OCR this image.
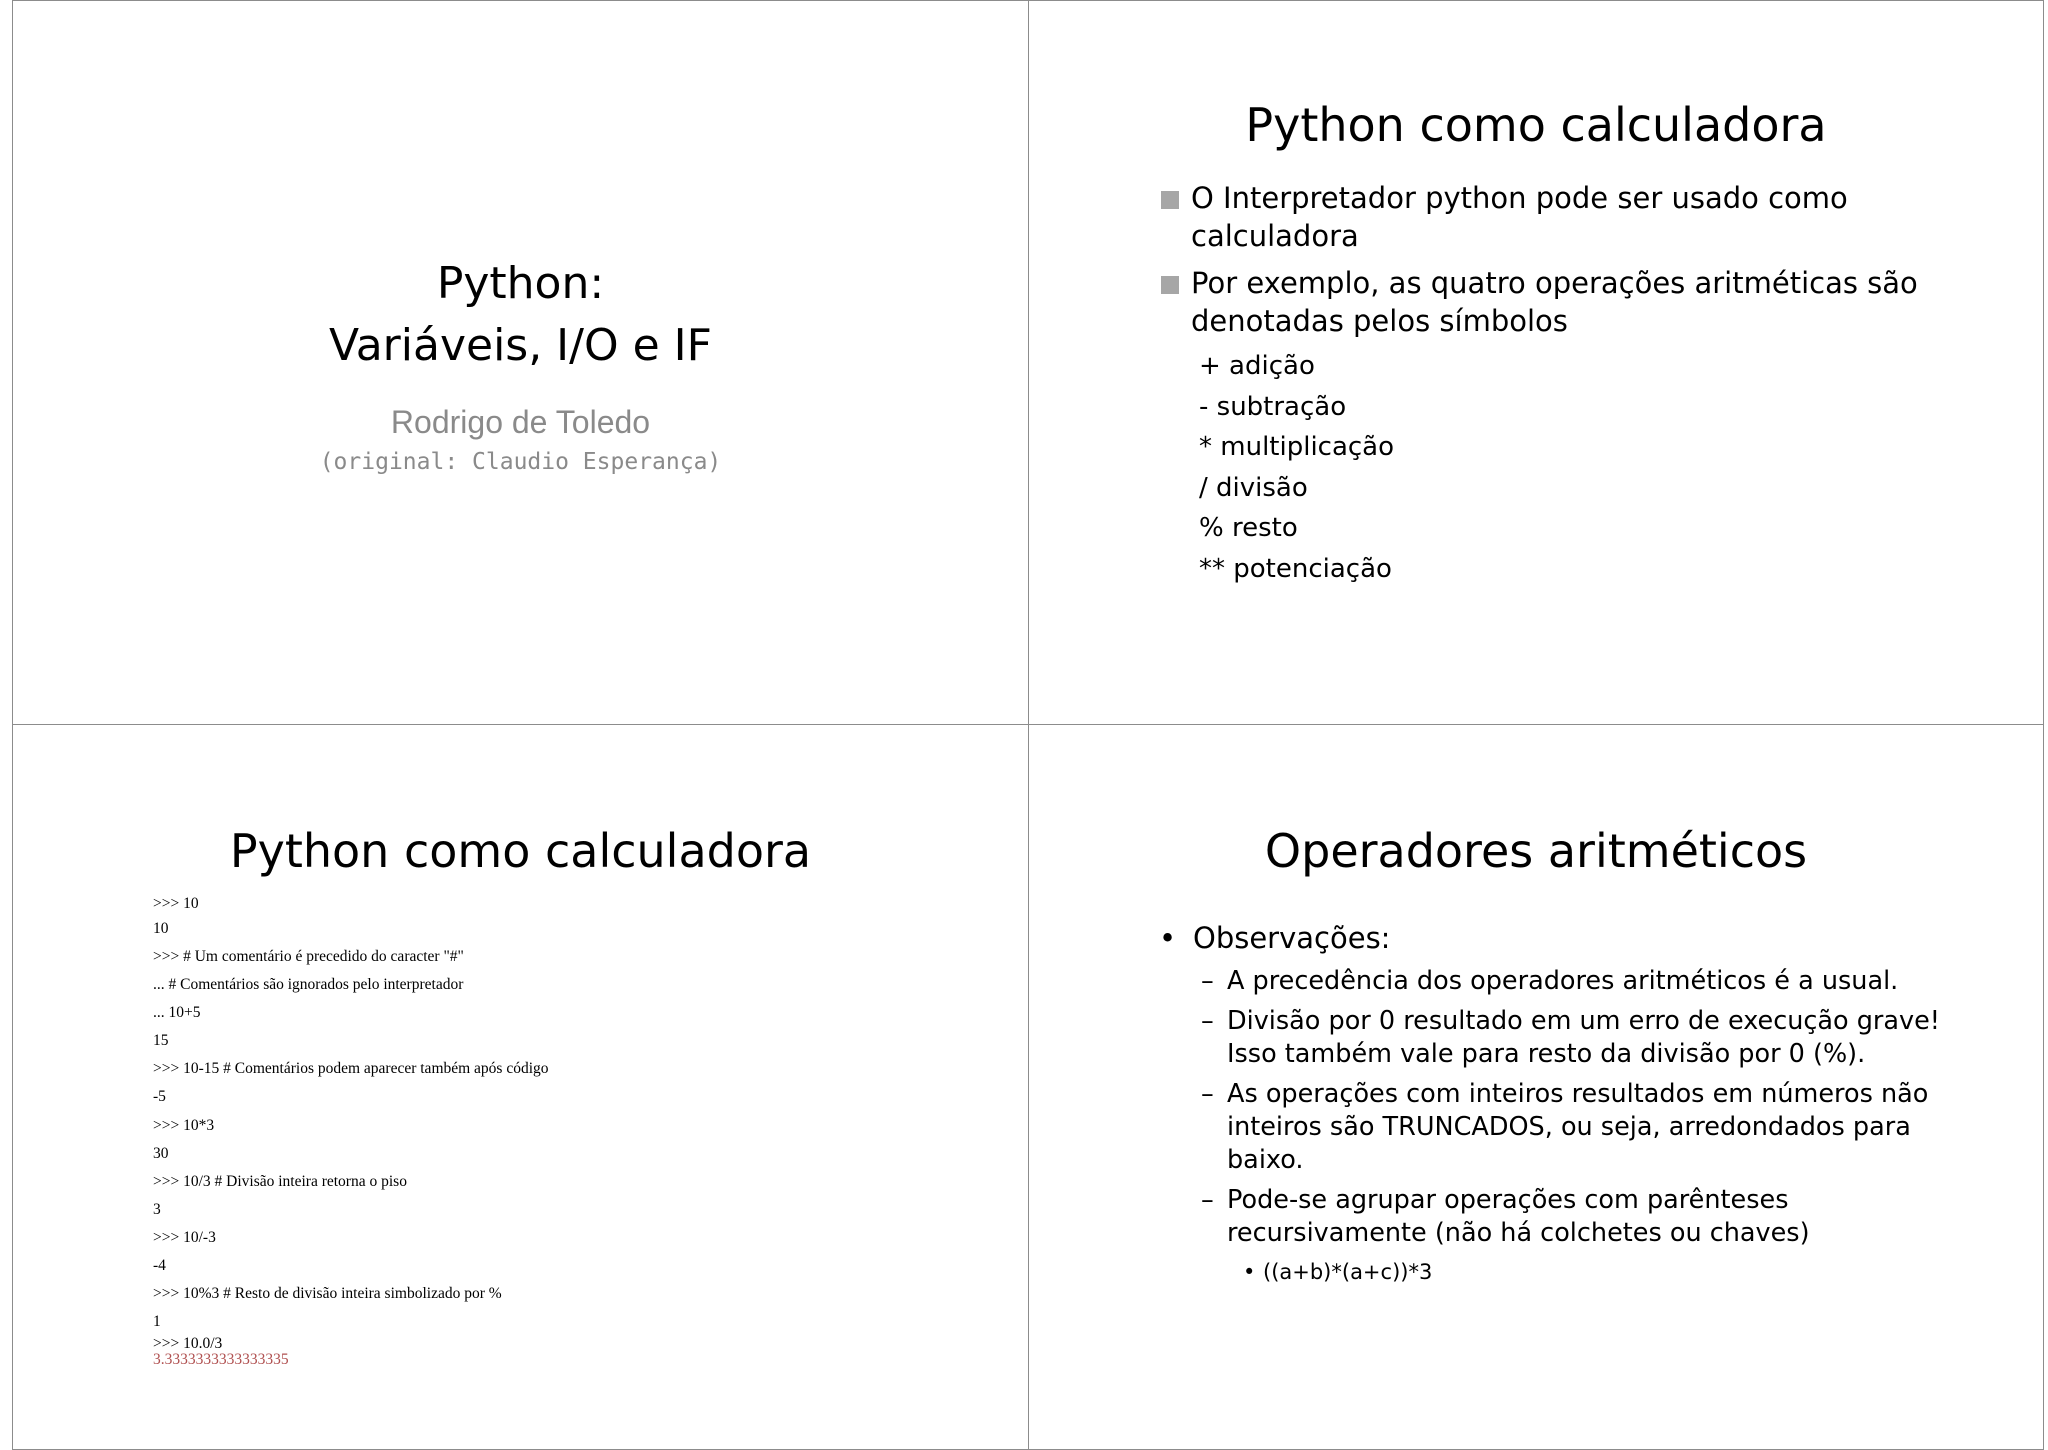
Python:
Variáveis, I/O e IF
Rodrigo de Toledo
(original: Claudio Esperança)
Python como calculadora
O Interpretador python pode ser usado como calculadora
Por exemplo, as quatro operações aritméticas são denotadas pelos símbolos
+ adição
- subtração
* multiplicação
/ divisão
% resto
** potenciação
Python como calculadora
>>> 10
10
>>> # Um comentário é precedido do caracter "#"
... # Comentários são ignorados pelo interpretador
... 10+5
15
>>> 10-15 # Comentários podem aparecer também após código
-5
>>> 10*3
30
>>> 10/3 # Divisão inteira retorna o piso
3
>>> 10/-3
-4
>>> 10%3 # Resto de divisão inteira simbolizado por %
1
>>> 10.0/3
3.3333333333333335
Operadores aritméticos
• Observações:
– A precedência dos operadores aritméticos é a usual.
– Divisão por 0 resultado em um erro de execução grave! Isso também vale para resto da divisão por 0 (%).
– As operações com inteiros resultados em números não inteiros são TRUNCADOS, ou seja, arredondados para baixo.
– Pode-se agrupar operações com parênteses recursivamente (não há colchetes ou chaves)
• ((a+b)*(a+c))*3
